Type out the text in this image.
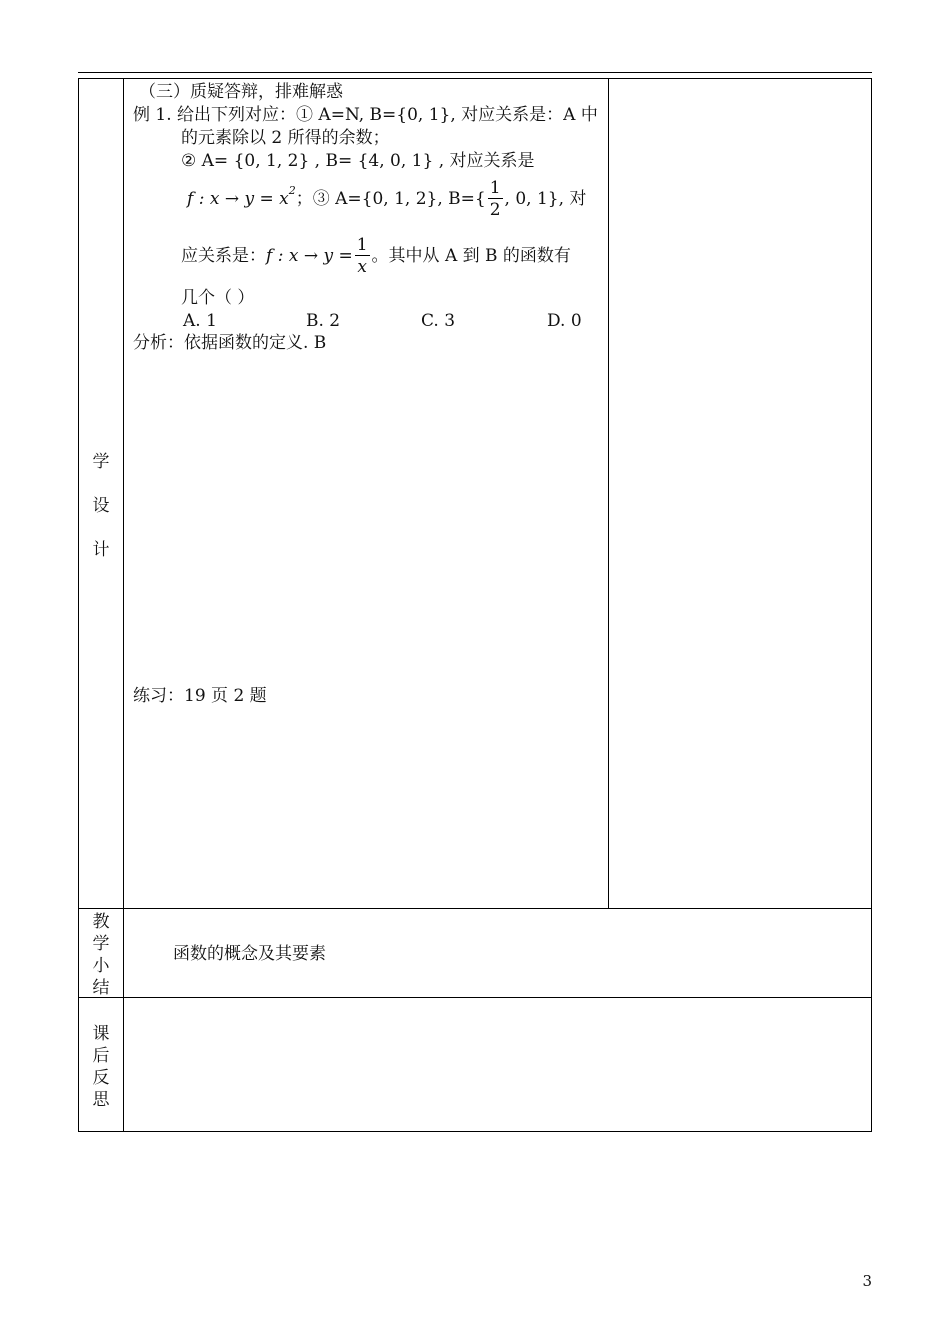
学
设
计
（三）质疑答辩，排难解惑
例 1. 给出下列对应：① A=N, B={0, 1}, 对应关系是：A 中
的元素除以 2 所得的余数；
② A= {0, 1, 2} , B= {4, 0, 1} , 对应关系是
f : $x \to y = x^2$ ；③ A={0, 1, 2}, $B=\{ \frac{1}{2}$ , 0, 1}, 对
应关系是： f : $x \to y = \frac{1}{x}$ 。其中从 A 到 B 的函数有
几个（ ）
A. 1	B. 2	C. 3	D. 0
分析：依据函数的定义. B
练习：19 页 2 题
教
学
小
结
函数的概念及其要素
课
后
反
思
3
